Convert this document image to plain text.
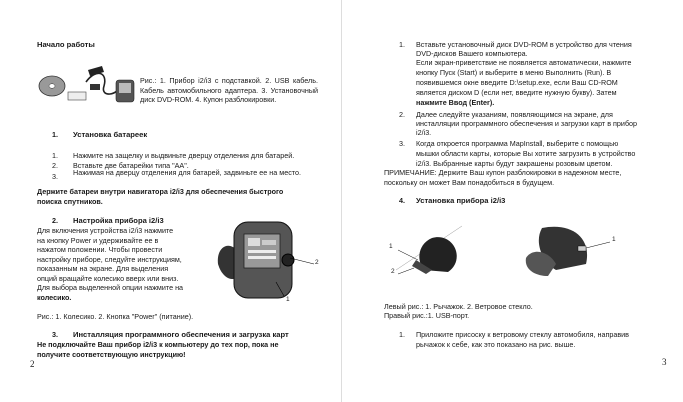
Начало работы
Рис.: 1. Прибор i2/i3 с подставкой. 2. USB кабель. Кабель автомобильного адаптера. 3. Установочный диск DVD-ROM. 4. Купон разблокировки.
1. Установка батареек
1. Нажмите на защелку и выдвиньте дверцу отделения для батарей.
2. Вставьте две батарейки типа "AA".
3. Нажимая на дверцу отделения для батарей, задвиньте ее на место.
Держите батареи внутри навигатора i2/i3 для обеспечения быстрого
поиска спутников.
2. Настройка прибора i2/i3
Для включения устройства i2/i3 нажмите
на кнопку Power и удерживайте ее в
нажатом положении. Чтобы провести
настройку приборе, следуйте инструкциям,
показанным на экране. Для выделения
опций вращайте колесико вверх или вниз.
Для выбора выделенной опции нажмите на
колесико.
2
1
Рис.: 1. Колесико. 2. Кнопка "Power" (питание).
3. Инсталляция программного обеспечения и загрузка карт
Не подключайте Ваш прибор i2/i3 к компьютеру до тех пор, пока не
получите соответствующую инструкцию!
2
1. Вставьте установочный диск DVD-ROM в устройство для чтения
DVD-дисков Вашего компьютера.
Если экран-приветствие не появляется автоматически, нажмите
кнопку Пуск (Start) и выберите в меню Выполнить (Run). В
появившемся окне введите D:\setup.exe, если Ваш CD-ROM
является диском D (если нет, введите нужную букву). Затем
нажмите Ввод (Enter).
2. Далее следуйте указаниям, появляющимся на экране, для
инсталляции программного обеспечения и загрузки карт в прибор
i2/i3.
3. Когда откроется программа MapInstall, выберите с помощью
мышки области карты, которые Вы хотите загрузить в устройство
i2/i3. Выбранные карты будут закрашены розовым цветом.
ПРИМЕЧАНИЕ: Держите Ваш купон разблокировки в надежном месте,
поскольку он может Вам понадобиться в будущем.
4. Установка прибора i2/i3
1
2
1
Левый рис.: 1. Рычажок. 2. Ветровое стекло.
Правый рис.:1. USB-порт.
1. Приложите присоску к ветровому стеклу автомобиля, направив
рычажок к себе, как это показано на рис. выше.
3
